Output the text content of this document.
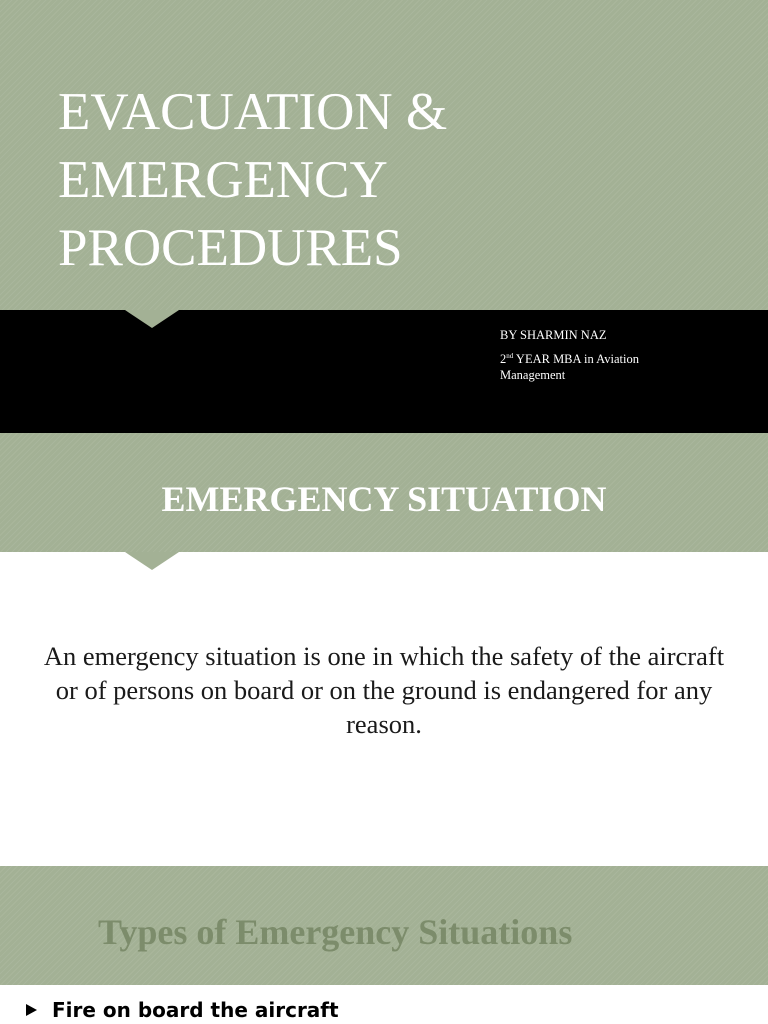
EVACUATION &
EMERGENCY
PROCEDURES

BY SHARMIN NAZ

2nd YEAR MBA in Aviation Management

EMERGENCY SITUATION

An emergency situation is one in which the safety of the aircraft or of persons on board or on the ground is endangered for any reason.

Types of Emergency Situations
Fire on board the aircraft
